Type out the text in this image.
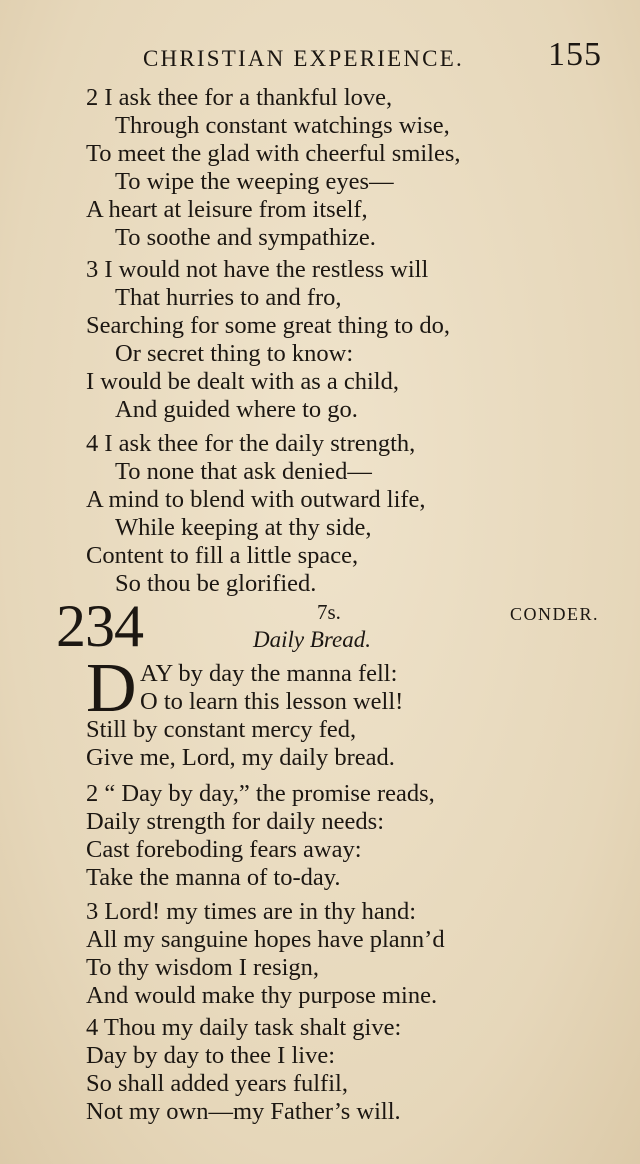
CHRISTIAN EXPERIENCE. 155
2 I ask thee for a thankful love,
Through constant watchings wise,
To meet the glad with cheerful smiles,
To wipe the weeping eyes—
A heart at leisure from itself,
To soothe and sympathize.
3 I would not have the restless will
That hurries to and fro,
Searching for some great thing to do,
Or secret thing to know:
I would be dealt with as a child,
And guided where to go.
4 I ask thee for the daily strength,
To none that ask denied—
A mind to blend with outward life,
While keeping at thy side,
Content to fill a little space,
So thou be glorified.
234	7s.	CONDER.
Daily Bread.
D AY by day the manna fell:
O to learn this lesson well!
Still by constant mercy fed,
Give me, Lord, my daily bread.
2 “ Day by day,” the promise reads,
Daily strength for daily needs:
Cast foreboding fears away:
Take the manna of to-day.
3 Lord! my times are in thy hand:
All my sanguine hopes have plann’d
To thy wisdom I resign,
And would make thy purpose mine.
4 Thou my daily task shalt give:
Day by day to thee I live:
So shall added years fulfil,
Not my own—my Father’s will.
